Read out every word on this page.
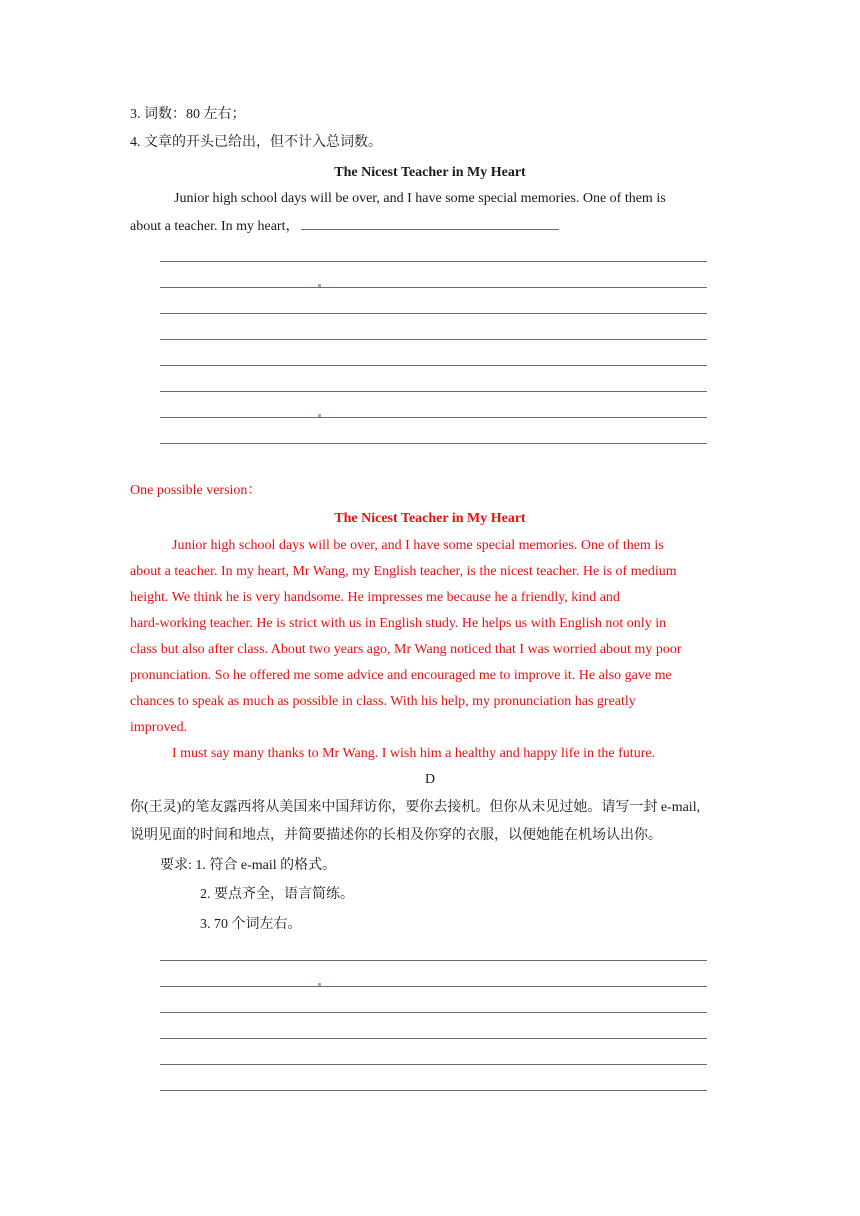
3. 词数：80 左右；
4. 文章的开头已给出，但不计入总词数。
The Nicest Teacher in My Heart
Junior high school days will be over, and I have some special memories. One of them is
about a teacher. In my heart，
One possible version：
The Nicest Teacher in My Heart
Junior high school days will be over, and I have some special memories. One of them is
about a teacher. In my heart, Mr Wang, my English teacher, is the nicest teacher. He is of medium
height. We think he is very handsome. He impresses me because he a friendly, kind and
hard-working teacher. He is strict with us in English study. He helps us with English not only in
class but also after class. About two years ago, Mr Wang noticed that I was worried about my poor
pronunciation. So he offered me some advice and encouraged me to improve it. He also gave me
chances to speak as much as possible in class. With his help, my pronunciation has greatly
improved.
I must say many thanks to Mr Wang. I wish him a healthy and happy life in the future.
D
你(王灵)的笔友露西将从美国来中国拜访你，要你去接机。但你从未见过她。请写一封 e-mail,
说明见面的时间和地点，并简要描述你的长相及你穿的衣服，以便她能在机场认出你。
要求: 1. 符合 e-mail 的格式。
2. 要点齐全，语言简练。
3. 70 个词左右。
